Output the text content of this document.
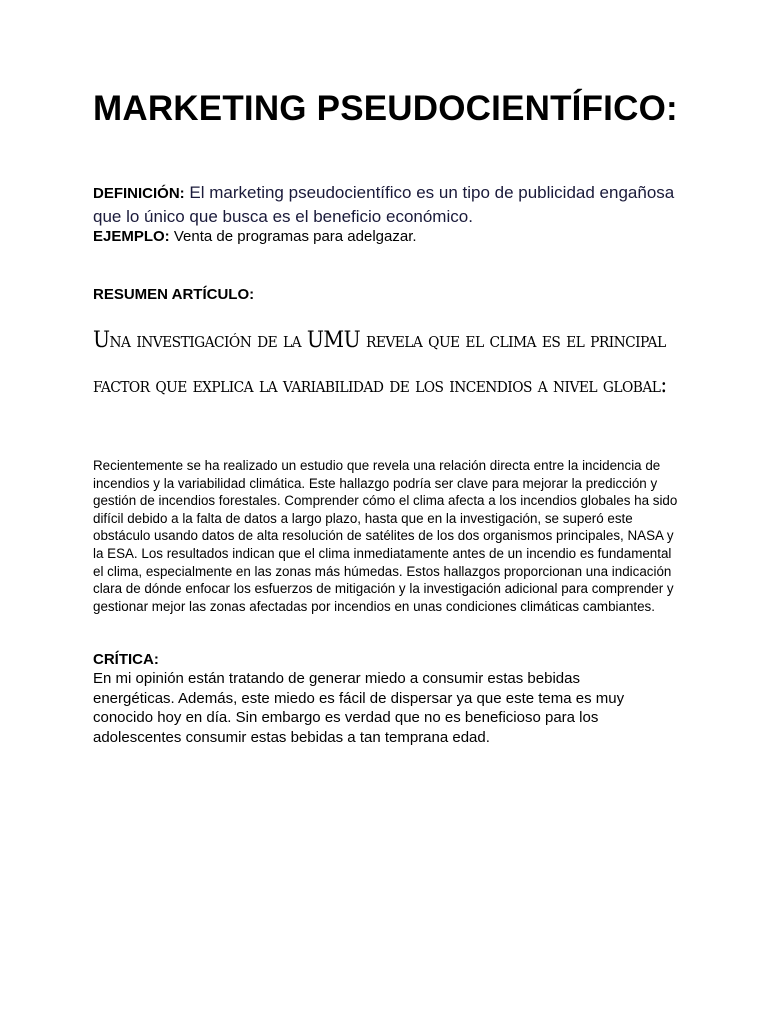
MARKETING PSEUDOCIENTÍFICO:

DEFINICIÓN: El marketing pseudocientífico es un tipo de publicidad engañosa que lo único que busca es el beneficio económico.

EJEMPLO: Venta de programas para adelgazar.

RESUMEN ARTÍCULO:

Una investigación de la UMU revela que el clima es el principal factor que explica la variabilidad de los incendios a nivel global:

Recientemente se ha realizado un estudio que revela una relación directa entre la incidencia de incendios y la variabilidad climática. Este hallazgo podría ser clave para mejorar la predicción y gestión de incendios forestales. Comprender cómo el clima afecta a los incendios globales ha sido difícil debido a la falta de datos a largo plazo, hasta que en la investigación, se superó este obstáculo usando datos de alta resolución de satélites de los dos organismos principales, NASA y la ESA. Los resultados indican que el clima inmediatamente antes de un incendio es fundamental el clima, especialmente en las zonas más húmedas. Estos hallazgos proporcionan una indicación clara de dónde enfocar los esfuerzos de mitigación y la investigación adicional para comprender y gestionar mejor las zonas afectadas por incendios en unas condiciones climáticas cambiantes.

CRÍTICA:

En mi opinión están tratando de generar miedo a consumir estas bebidas energéticas. Además, este miedo es fácil de dispersar ya que este tema es muy conocido hoy en día. Sin embargo es verdad que no es beneficioso para los adolescentes consumir estas bebidas a tan temprana edad.
